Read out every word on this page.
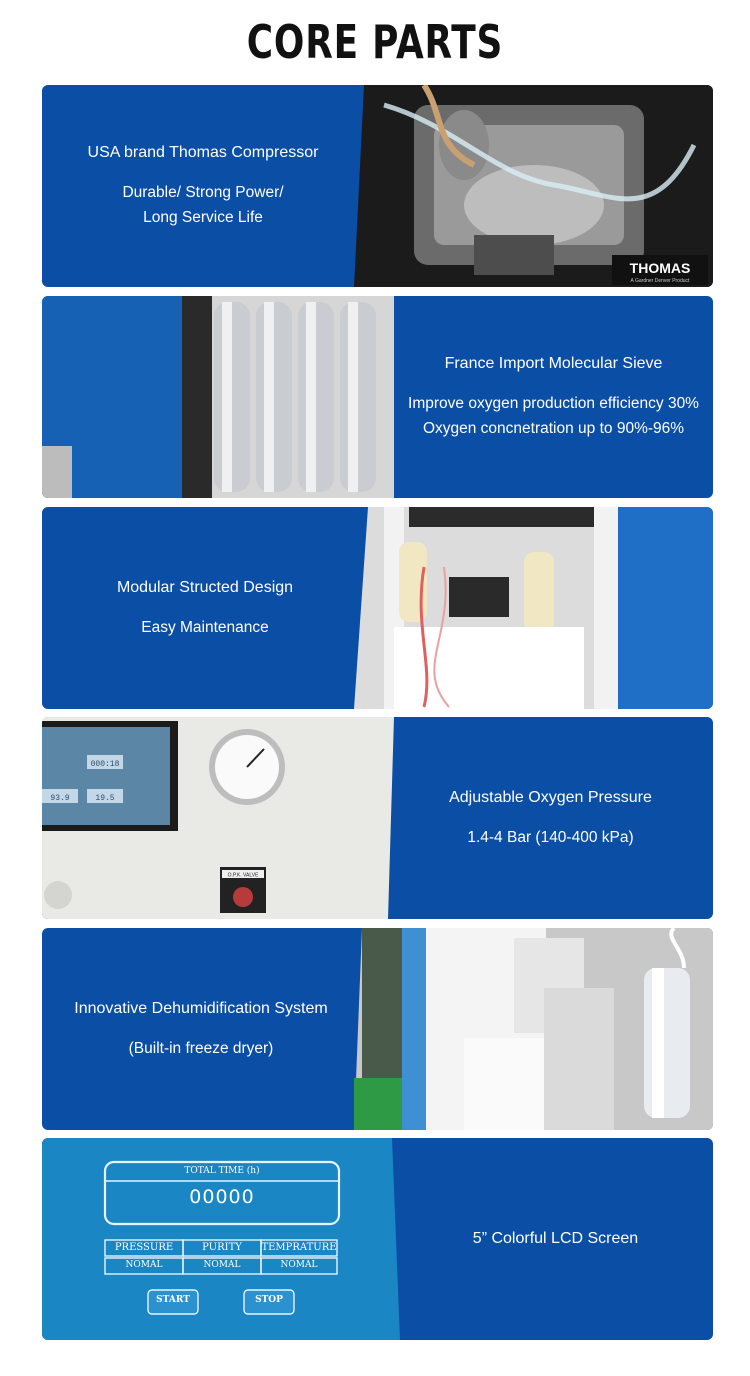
CORE PARTS
USA brand Thomas Compressor
Durable/ Strong Power/
Long Service Life
THOMAS
A Gardner Denver Product
France Import Molecular Sieve
Improve oxygen production efficiency 30%
Oxygen concnetration up to 90%-96%
Modular Structed Design
Easy Maintenance
000:18
93.9	19.5
O.P.K. VALVE
Adjustable Oxygen Pressure
1.4-4 Bar (140-400 kPa)
Innovative Dehumidification System
(Built-in freeze dryer)
TOTAL TIME (h)
00000
PRESSURE	PURITY	TEMPRATURE
NOMAL	NOMAL	NOMAL
START	STOP
5” Colorful LCD Screen
